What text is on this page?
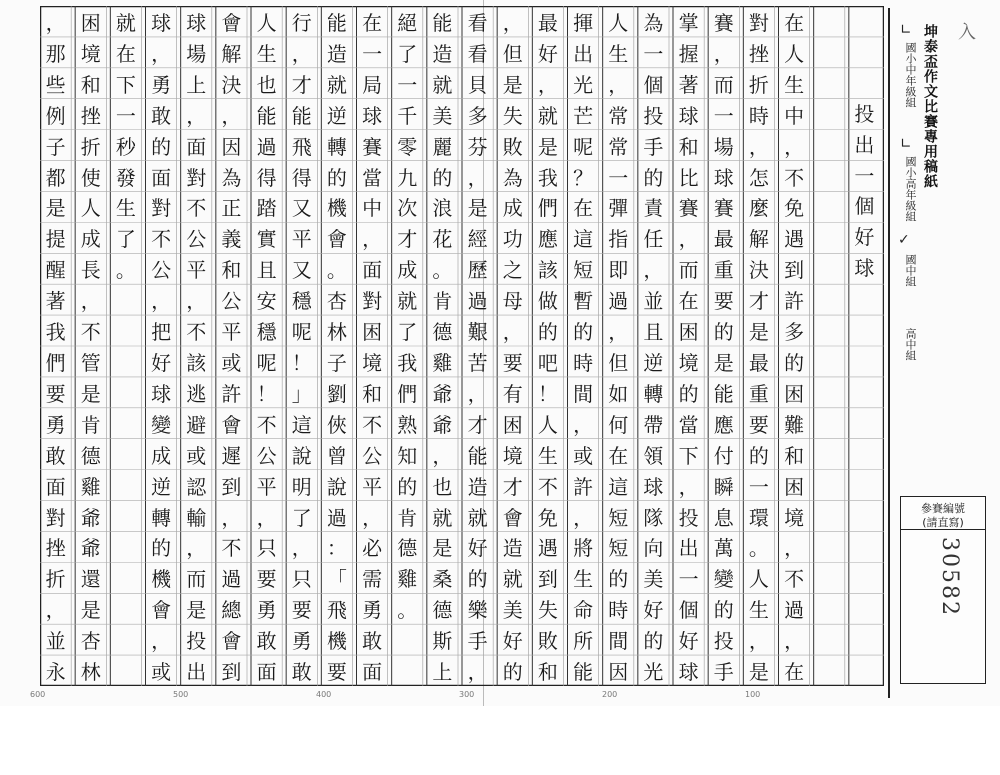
投
出
一
個
好
球
在
人
生
中
，
不
免
遇
到
許
多
的
困
難
和
困
境
，
不
過
，
在
對
挫
折
時
，
怎
麼
解
決
才
是
最
重
要
的
一
環
。
人
生
，
是
賽
，
而
一
場
球
賽
最
重
要
的
是
能
應
付
瞬
息
萬
變
的
投
手
掌
握
著
球
和
比
賽
，
而
在
困
境
的
當
下
，
投
出
一
個
好
球
為
一
個
投
手
的
責
任
，
並
且
逆
轉
帶
領
球
隊
向
美
好
的
光
人
生
，
常
常
一
彈
指
即
過
，
但
如
何
在
這
短
短
的
時
間
因
揮
出
光
芒
呢
？
在
這
短
暫
的
時
間
，
或
許
，
將
生
命
所
能
最
好
，
就
是
我
們
應
該
做
的
吧
！
人
生
不
免
遇
到
失
敗
和
，
但
是
失
敗
為
成
功
之
母
，
要
有
困
境
才
會
造
就
美
好
的
看
看
貝
多
芬
，
是
經
歷
過
艱
苦
，
才
能
造
就
好
的
樂
手
，
能
造
就
美
麗
的
浪
花
。
肯
德
雞
爺
爺
，
也
就
是
桑
德
斯
上
絕
了
一
千
零
九
次
才
成
就
了
我
們
熟
知
的
肯
德
雞
。
在
一
局
球
賽
當
中
，
面
對
困
境
和
不
公
平
，
必
需
勇
敢
面
能
造
就
逆
轉
的
機
會
。
杏
林
子
劉
俠
曾
說
過
：
「
飛
機
要
行
，
才
能
飛
得
又
平
又
穩
呢
！
」
這
說
明
了
，
只
要
勇
敢
人
生
也
能
過
得
踏
實
且
安
穩
呢
！
不
公
平
，
只
要
勇
敢
面
會
解
決
，
因
為
正
義
和
公
平
或
許
會
遲
到
，
不
過
總
會
到
球
場
上
，
面
對
不
公
平
，
不
該
逃
避
或
認
輸
，
而
是
投
出
球
，
勇
敢
的
面
對
不
公
，
把
好
球
變
成
逆
轉
的
機
會
，
或
就
在
下
一
秒
發
生
了
。
困
境
和
挫
折
使
人
成
長
，
不
管
是
肯
德
雞
爺
爺
還
是
杏
林
，
那
些
例
子
都
是
提
醒
著
我
們
要
勇
敢
面
對
挫
折
，
並
永
坤泰盃作文比賽專用稿紙
∟
國小中年級組
∟
國小高年級組
✓
國中組
高中組
入
參賽編號
(請直寫)
30582
600	500	400	300	200	100
